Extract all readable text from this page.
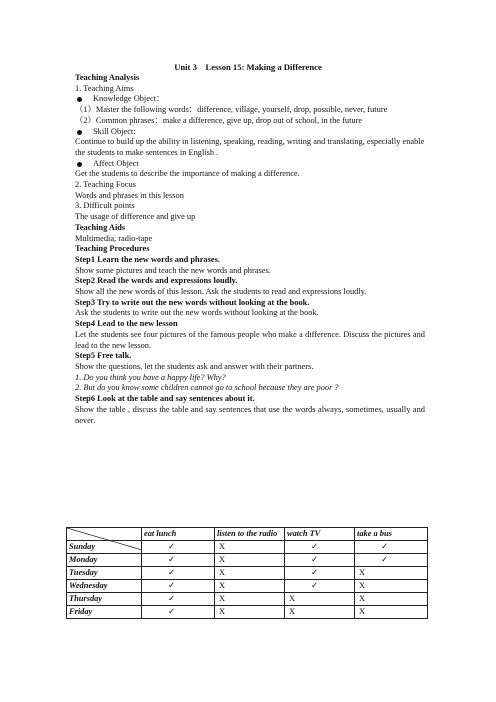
Unit 3    Lesson 15: Making a Difference

Teaching Analysis

1. Teaching Aims

Knowledge Object：

（1）Master the following words：difference, village, yourself, drop, possible, never, future

（2）Common phrases：make a difference, give up, drop out of school, in the future

Skill Object:

Continue to build up the ability in listening, speaking, reading, writing and translating, especially enable the students to make sentences in English .

Affect Object

Get the students to describe the importance of making a difference.

2. Teaching Focus

Words and phrases in this lesson

3. Difficult points

The usage of difference and give up

Teaching Aids

Multimedia, radio-tape

Teaching Procedures

Step1 Learn the new words and phrases.

Show some pictures and teach the new words and phrases.

Step2 Read the words and expressions loudly.

Show all the new words of this lesson. Ask the students to read and expressions loudly.

Step3 Try to write out the new words without looking at the book.

Ask the students to write out the new words without looking at the book.

Step4 Lead to the new lesson

Let the students see four pictures of the famous people who make a difference. Discuss the pictures and lead to the new lesson.

Step5 Free talk.

Show the questions, let the students ask and answer with their partners.

1. Do you think you have a happy life? Why?

2. But do you know some children cannot go to school because they are poor ?

Step6 Look at the table and say sentences about it.

Show the table , discuss the table and say sentences that use the words always, sometimes, usually and never.

	eat lunch	listen to the radio	watch TV	take a bus
Sunday	✓	X	✓	✓
Monday	✓	X	✓	✓
Tuesday	✓	X	✓	X
Wednesday	✓	X	✓	X
Thursday	✓	X	X	X
Friday	✓	X	X	X
